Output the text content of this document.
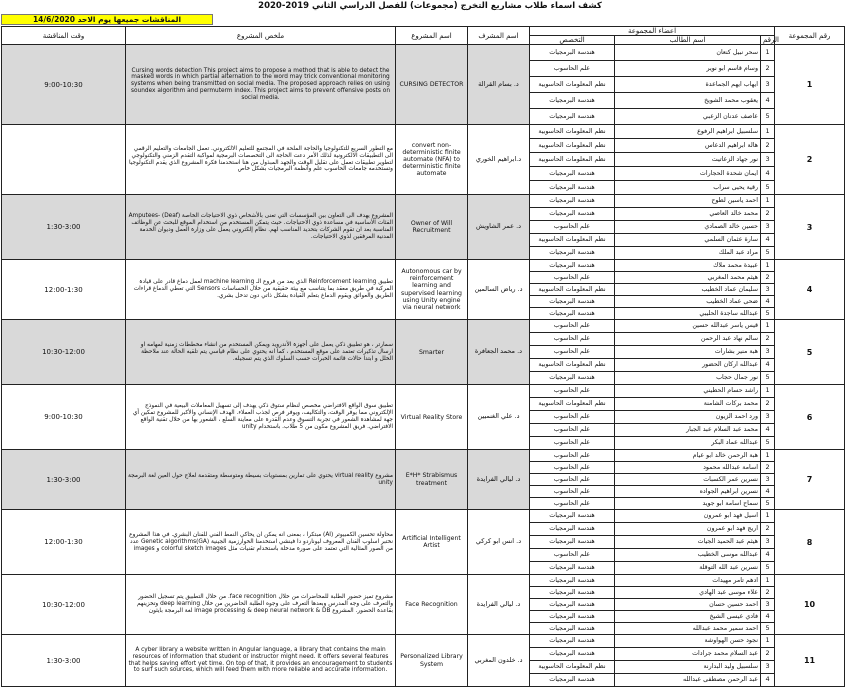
كشف اسماء طلاب مشاريع التخرج (مجموعات) للفصل الدراسي الثاني 2019-2020
المناقشات جميعها يوم الاحد 14/6/2020
وقت المناقشة	ملخص المشروع	اسم المشروع	اسم المشرف	اعضاء المجموعة			رقم المجموعة
				التخصص	اسم الطالب	الرقم	
9:00-10:30	Cursing words detection This project aims to propose a method that is able to detect the masked words in which partial alternation to the word may trick conventional monitoring systems when being transmitted on social media. The proposed approach relies on using soundex algorithm and permuterm index. This project aims to prevent offensive posts on social media.	CURSING DETECTOR	د. بسام القرالة	هندسة البرمجيات	سحر نبيل كنعان	1	1
				علم الحاسوب	وسام قاسم ابو نوير	2	
				نظم المعلومات الحاسوبية	ايهاب ايهم الجماعدة	3	
				هندسة البرمجيات	يعقوب محمد الشويخ	4	
				هندسة البرمجيات	عاصف عدنان الزعبي	5	
	مع التطور السريع للتكنولوجيا والحاجة الملحة في المجتمع للتعليم الالكتروني. تعمل الجامعات والتعليم الرقمي الى التطبيقات الالكترونية لذلك الأمر دعت الحاجة الى التخصصات البرمجية لمواكبة التقدم الزمني والتكنولوجي لتطوير تطبيقات تعمل على تقليل الوقت والجهد المبذول من هنا استخدمنا فكرة المشروع الذي يقدم التكنولوجيا وتستخدمه جامعات الحاسوب علم وانظمة البرمجيات بشكل خاص	convert non-deterministic finite automate (NFA) to deterministic finite automate	د.ابراهيم الخوري	نظم المعلومات الحاسوبية	سلسبيل ابراهيم الرفوع	1	2
				نظم المعلومات الحاسوبية	هالة ابراهيم الدعاس	2	
				نظم المعلومات الحاسوبية	نور جهاد الزعاتيت	3	
				هندسة البرمجيات	ايمان شحدة الحجارات	4	
				هندسة البرمجيات	رقية يحيى سراب	5	
1:30-3:00	المشروع يهدف الى التعاون بين المؤسسات التي تعنى بالأشخاص ذوي الاحتياجات الخاصة (Deaf) -Amputees الفئات الأساسية في مساعدة ذوي الاحتياجات. حيث يتمكن المستخدم من استخدام الموقع للبحث عن الوظائف المناسبة بعد ان تقوم الشركات بتحديد المناسب لهم. نظام إلكتروني يعمل على وزارة العمل وديوان الخدمة المدنية المرفقين لذوي الاحتياجات.	Owner of Will Recruitment	د. عمر الشاويش	هندسة البرمجيات	احمد ياسين لطوح	1	3
				هندسة البرمجيات	محمد خالد العاصي	2	
				علم الحاسوب	حسين خالد الصمادي	3	
				نظم المعلومات الحاسوبية	سارة عثمان السلمي	4	
				هندسة البرمجيات	مراد عبد الملك	5	
12:00-1:30	تطبيق Reinforcement learning الذي يعد من فروع الـ machine learning لعمل دماغ قادر على قيادة المركبة في طريق معقد بما يتناسب مع بيئة حقيقية من خلال الحساسات Sensors التي تعطي الدماغ قراءات الطريق والعوائق ويقوم الدماغ بتعلم القيادة بشكل ذاتي دون تدخل بشري.	Autonomous car by reinforcement learning and supervised learning using Unity engine via neural network	د. رياض السالمين	هندسة البرمجيات	عبيدة محمد ملاك	1	4
				علم الحاسوب	هيثم محمد المغربي	2	
				نظم المعلومات الحاسوبية	سليمان عماد الخطيب	3	
				هندسة البرمجيات	ضحى عماد الخطيب	4	
				هندسة البرمجيات	عبدالله ساجدة الحليبي	5	
10:30-12:00	سمارتر ، هو تطبيق ذكي يعمل على أجهزة الأندرويد ويمكن المستخدم من انشاء مخططات زمنية لمهامه او ارسال تذكيرات تعتمد على موقع المستخدم ، كما انه يحتوي على نظام قياسي يتم تلقيه الحالة عند ملاحظة الخلل و ابتدا حالات قائمة الخبرات حسب السلوك الذي يتم تسجيله.	Smarter	د. محمد الجعافرة	علم الحاسوب	قيس ياسر عبدالله حسين	1	5
				علم الحاسوب	سالم نهاد عبد الرحمن	2	
				علم الحاسوب	هبة منير بشارات	3	
				نظم المعلومات الحاسوبية	عبدالله اركان الحضور	4	
				هندسة البرمجيات	نور جمال حجاب	5	
9:00-10:30	تطبيق سوق الواقع الافتراضي مخصص لنظام ستوق ذكي يهدف إلى تسهيل المعاملات البيعية في النموذج الإلكتروني مما يوفر الوقت، والتكاليف، ويوفر فرص لجذب العملاء. الهدف الإنساني والأكبر للمشروع تمكين أي جهة لمشاهدة الشعور في تجربة التسوق وعدم القدرة على معاينة السلع ، الشعور بها من خلال تقنية الواقع الافتراضي. فريق المشروع مكون من 5 طلاب. باستخدام unity	Virtual Reality Store	د. علي الغنميين	علم الحاسوب	راشد حسام الحطيني	1	6
				نظم المعلومات الحاسوبية	محمد بركات الشامنة	2	
				علم الحاسوب	ورد احمد الزيون	3	
				علم الحاسوب	محمد عبد السلام عبد الجبار	4	
				علم الحاسوب	عبدالله عماد البكر	5	
1:30-3:00	مشروع virtual reality يحتوي على تمارين بمستويات بسيطة ومتوسطة ومتقدمة لعلاج حول العين لغة البرمجة unity	E*H* Strabismus treatment	د. ليالي الفرايدة	علم الحاسوب	هبة الرحمن خالد ابو عيام	1	7
				علم الحاسوب	اسامة عبدالله محمود	2	
				علم الحاسوب	نسرين عمر الكسبات	3	
				علم الحاسوب	نسرين ابراهيم الجواده	4	
				علم الحاسوب	سماح اسامة ابو جويد	5	
12:00-1:30	محاولة تحسين الكمبيوتر (AI) مبتكرا ، بمعنى انه يمكن ان يحاكي النمط الفني للفنان البشري. في هذا المشروع نختبر اسلوب الفنان المعروف ليوناردو دا فينشي استخدمنا الخوارزمية الجينية (GA)Genetic algorithms عدد من الصور المثالية التي تعتمد على صورة مدخلة باستخدام تقنيات مثل colorful sketch images و images	Artificial Intelligent Artist	د. انس ابو كركي	هندسة البرمجيات	اسيل فهد ابو عمرون	1	8
				هندسة البرمجيات	اريج فهد ابو عمرون	2	
				هندسة البرمجيات	هيثم عبد الحميد الجيات	3	
				علم الحاسوب	عبدالله موسى الخطيب	4	
				هندسة البرمجيات	نسرين عبد الله التوقلة	5	
10:30-12:00	مشروع تميز حضور الطلبة للمحاضرات من خلال face recognition. من خلال التطبيق يتم تسجيل الحضور والتعرف على وجه المدرس وبعدها التعرف على وجوه الطلبة الحاضرين من خلال deep learning وتخزينهم بقاعدة الحضور. المشروع image processing & deep neural network & DB لغة البرمجة بايثون	Face Recognition	د. ليالي الفرايدة	هندسة البرمجيات	ادهم تامر مهيدات	1	10
				هندسة البرمجيات	علاء موسى عبد الهادي	2	
				هندسة البرمجيات	احمد حسين حسان	3	
				هندسة البرمجيات	فادي عيسى الشيخ	4	
				هندسة البرمجيات	احمد سمير محمد عبدالله	5	
1:30-3:00	A cyber library a website written in Angular language, a library that contains the main resources of information that student or instructor might need. It offers several features that helps saving effort yet time. On top of that, it provides an encouragement to students to surf such sources, which will feed them with more reliable and accurate information.	Personalized Library System	د. خلدون المغربي	هندسة البرمجيات	نجود حسن الهواوشة	1	11
				هندسة البرمجيات	عبد السلام محمد جرادات	2	
				نظم المعلومات الحاسوبية	سلسبيل وليد البدارنة	3	
				هندسة البرمجيات	عبد الرحمن مصطفى عبدالله	4	
